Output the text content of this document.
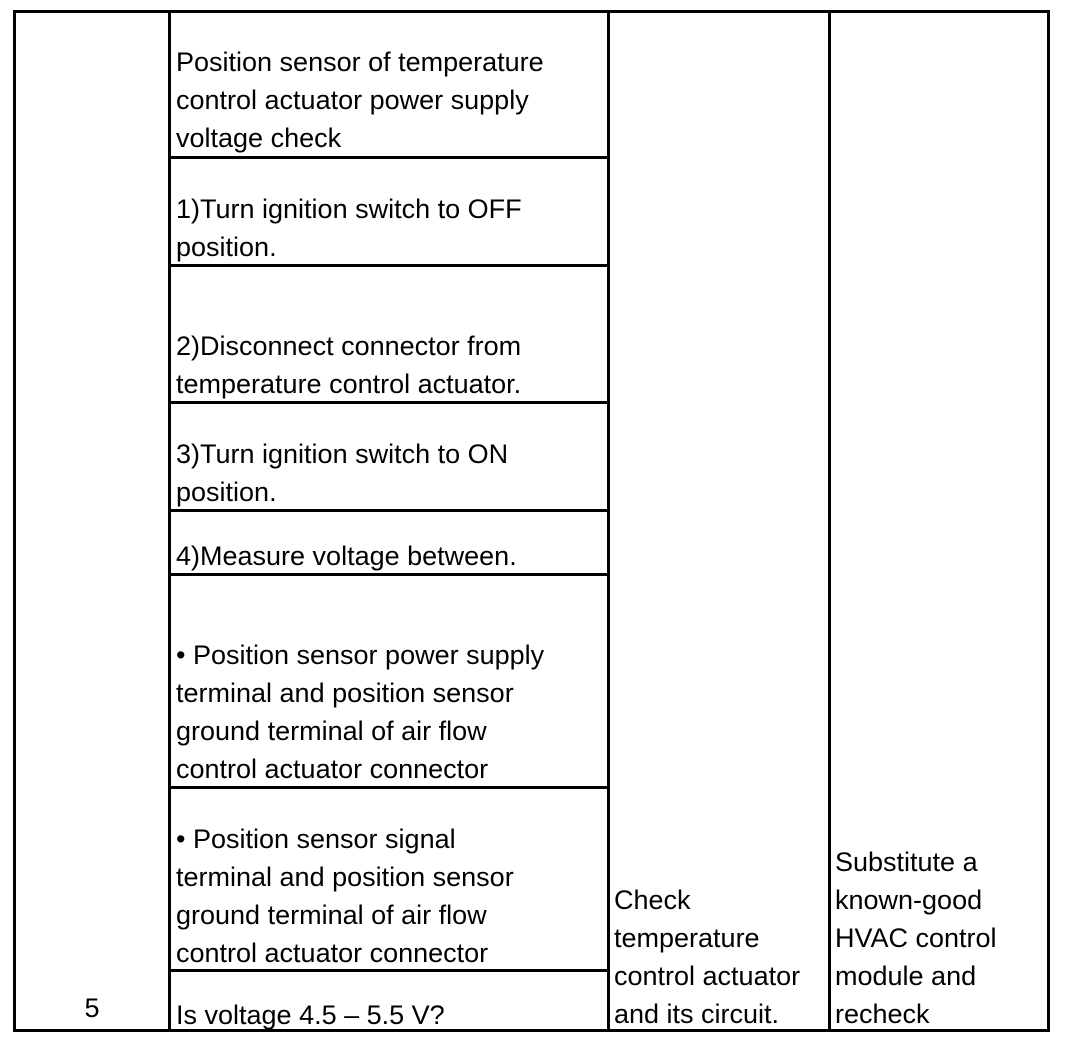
5
Position sensor of temperature
control actuator power supply
voltage check
1)Turn ignition switch to OFF
position.
2)Disconnect connector from
temperature control actuator.
3)Turn ignition switch to ON
position.
4)Measure voltage between.
• Position sensor power supply
terminal and position sensor
ground terminal of air flow
control actuator connector
• Position sensor signal
terminal and position sensor
ground terminal of air flow
control actuator connector
Is voltage 4.5 – 5.5 V?
Check
temperature
control actuator
and its circuit.
Substitute a
known-good
HVAC control
module and
recheck
